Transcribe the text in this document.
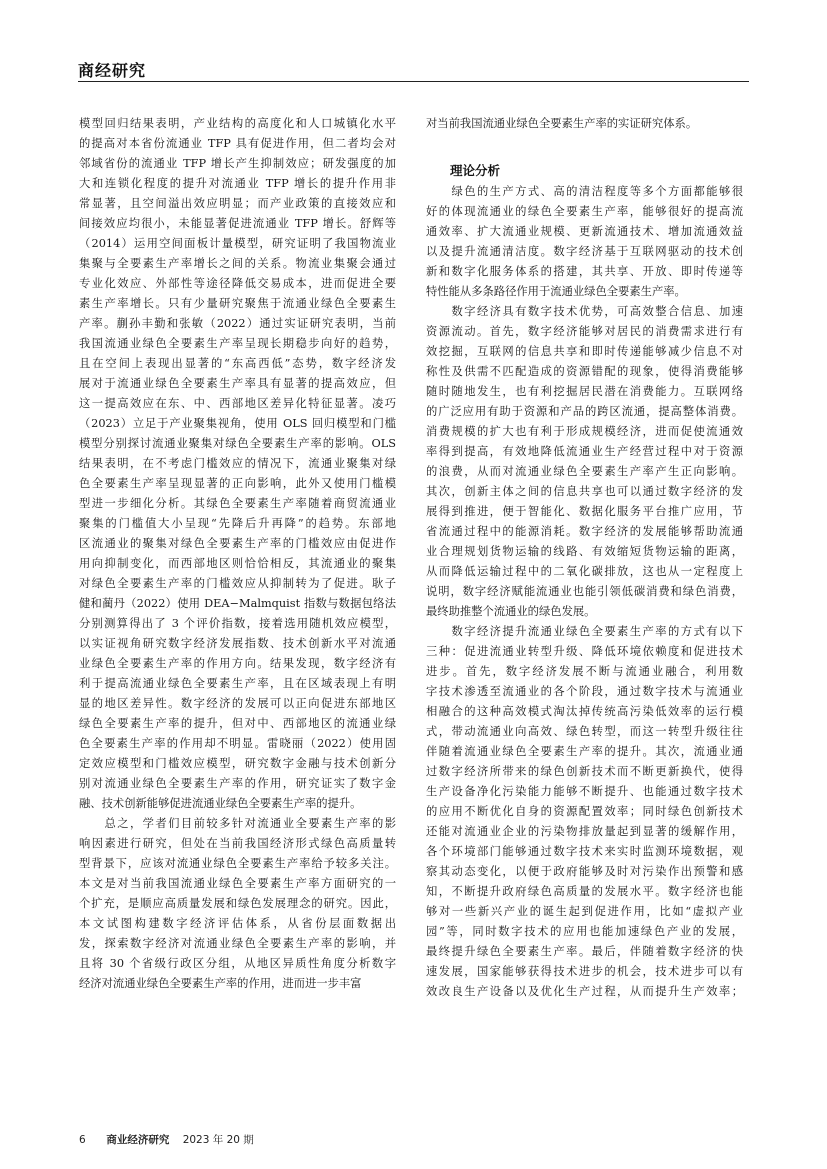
商经研究
模型回归结果表明，产业结构的高度化和人口城镇化水平
的提高对本省份流通业 TFP 具有促进作用，但二者均会对
邻域省份的流通业 TFP 增长产生抑制效应；研发强度的加
大和连锁化程度的提升对流通业 TFP 增长的提升作用非
常显著，且空间溢出效应明显；而产业政策的直接效应和
间接效应均很小，未能显著促进流通业 TFP 增长。舒辉等
（2014）运用空间面板计量模型，研究证明了我国物流业
集聚与全要素生产率增长之间的关系。物流业集聚会通过
专业化效应、外部性等途径降低交易成本，进而促进全要
素生产率增长。只有少量研究聚焦于流通业绿色全要素生
产率。蒯孙丰勤和张敏（2022）通过实证研究表明，当前
我国流通业绿色全要素生产率呈现长期稳步向好的趋势，
且在空间上表现出显著的“东高西低”态势，数字经济发
展对于流通业绿色全要素生产率具有显著的提高效应，但
这一提高效应在东、中、西部地区差异化特征显著。凌巧
（2023）立足于产业聚集视角，使用 OLS 回归模型和门槛
模型分别探讨流通业聚集对绿色全要素生产率的影响。OLS
结果表明，在不考虑门槛效应的情况下，流通业聚集对绿
色全要素生产率呈现显著的正向影响，此外又使用门槛模
型进一步细化分析。其绿色全要素生产率随着商贸流通业
聚集的门槛值大小呈现“先降后升再降”的趋势。东部地
区流通业的聚集对绿色全要素生产率的门槛效应由促进作
用向抑制变化，而西部地区则恰恰相反，其流通业的聚集
对绿色全要素生产率的门槛效应从抑制转为了促进。耿子
健和蔺丹（2022）使用 DEA−Malmquist 指数与数据包络法
分别测算得出了 3 个评价指数，接着选用随机效应模型，
以实证视角研究数字经济发展指数、技术创新水平对流通
业绿色全要素生产率的作用方向。结果发现，数字经济有
利于提高流通业绿色全要素生产率，且在区域表现上有明
显的地区差异性。数字经济的发展可以正向促进东部地区
绿色全要素生产率的提升，但对中、西部地区的流通业绿
色全要素生产率的作用却不明显。雷晓丽（2022）使用固
定效应模型和门槛效应模型，研究数字金融与技术创新分
别对流通业绿色全要素生产率的作用，研究证实了数字金
融、技术创新能够促进流通业绿色全要素生产率的提升。
　　总之，学者们目前较多针对流通业全要素生产率的影
响因素进行研究，但处在当前我国经济形式绿色高质量转
型背景下，应该对流通业绿色全要素生产率给予较多关注。
本文是对当前我国流通业绿色全要素生产率方面研究的一
个扩充，是顺应高质量发展和绿色发展理念的研究。因此，
本文试图构建数字经济评估体系，从省份层面数据出
发，探索数字经济对流通业绿色全要素生产率的影响，并
且将 30 个省级行政区分组，从地区异质性角度分析数字
经济对流通业绿色全要素生产率的作用，进而进一步丰富
对当前我国流通业绿色全要素生产率的实证研究体系。
理论分析
　　绿色的生产方式、高的清洁程度等多个方面都能够很
好的体现流通业的绿色全要素生产率，能够很好的提高流
通效率、扩大流通业规模、更新流通技术、增加流通效益
以及提升流通清洁度。数字经济基于互联网驱动的技术创
新和数字化服务体系的搭建，其共享、开放、即时传递等
特性能从多条路径作用于流通业绿色全要素生产率。
　　数字经济具有数字技术优势，可高效整合信息、加速
资源流动。首先，数字经济能够对居民的消费需求进行有
效挖掘，互联网的信息共享和即时传递能够减少信息不对
称性及供需不匹配造成的资源错配的现象，使得消费能够
随时随地发生，也有利挖掘居民潜在消费能力。互联网络
的广泛应用有助于资源和产品的跨区流通，提高整体消费。
消费规模的扩大也有利于形成规模经济，进而促使流通效
率得到提高，有效地降低流通业生产经营过程中对于资源
的浪费，从而对流通业绿色全要素生产率产生正向影响。
其次，创新主体之间的信息共享也可以通过数字经济的发
展得到推进，便于智能化、数据化服务平台推广应用，节
省流通过程中的能源消耗。数字经济的发展能够帮助流通
业合理规划货物运输的线路、有效缩短货物运输的距离，
从而降低运输过程中的二氧化碳排放，这也从一定程度上
说明，数字经济赋能流通业也能引领低碳消费和绿色消费，
最终助推整个流通业的绿色发展。
　　数字经济提升流通业绿色全要素生产率的方式有以下
三种：促进流通业转型升级、降低环境依赖度和促进技术
进步。首先，数字经济发展不断与流通业融合，利用数
字技术渗透至流通业的各个阶段，通过数字技术与流通业
相融合的这种高效模式淘汰掉传统高污染低效率的运行模
式，带动流通业向高效、绿色转型，而这一转型升级往往
伴随着流通业绿色全要素生产率的提升。其次，流通业通
过数字经济所带来的绿色创新技术而不断更新换代，使得
生产设备净化污染能力能够不断提升、也能通过数字技术
的应用不断优化自身的资源配置效率；同时绿色创新技术
还能对流通业企业的污染物排放量起到显著的缓解作用，
各个环境部门能够通过数字技术来实时监测环境数据，观
察其动态变化，以便于政府能够及时对污染作出预警和感
知，不断提升政府绿色高质量的发展水平。数字经济也能
够对一些新兴产业的诞生起到促进作用，比如“虚拟产业
园”等，同时数字技术的应用也能加速绿色产业的发展，
最终提升绿色全要素生产率。最后，伴随着数字经济的快
速发展，国家能够获得技术进步的机会，技术进步可以有
效改良生产设备以及优化生产过程，从而提升生产效率；
6 商业经济研究 2023 年 20 期
